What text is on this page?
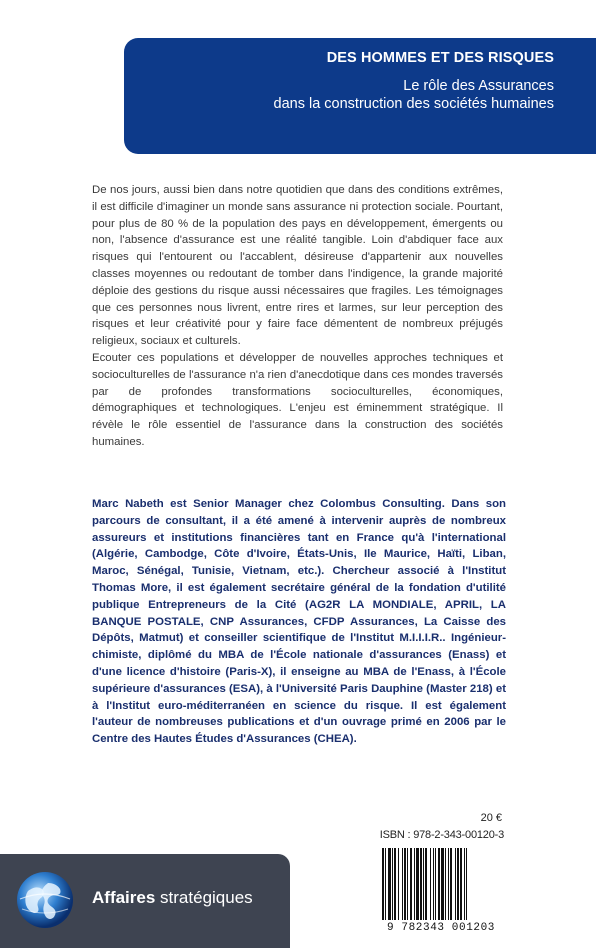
DES HOMMES ET DES RISQUES
Le rôle des Assurances
dans la construction des sociétés humaines

De nos jours, aussi bien dans notre quotidien que dans des conditions extrêmes, il est difficile d'imaginer un monde sans assurance ni protection sociale. Pourtant, pour plus de 80 % de la population des pays en développement, émergents ou non, l'absence d'assurance est une réalité tangible. Loin d'abdiquer face aux risques qui l'entourent ou l'accablent, désireuse d'appartenir aux nouvelles classes moyennes ou redoutant de tomber dans l'indigence, la grande majorité déploie des gestions du risque aussi nécessaires que fragiles. Les témoignages que ces personnes nous livrent, entre rires et larmes, sur leur perception des risques et leur créativité pour y faire face démentent de nombreux préjugés religieux, sociaux et culturels.

Ecouter ces populations et développer de nouvelles approches techniques et socioculturelles de l'assurance n'a rien d'anecdotique dans ces mondes traversés par de profondes transformations socioculturelles, économiques, démographiques et technologiques. L'enjeu est éminemment stratégique. Il révèle le rôle essentiel de l'assurance dans la construction des sociétés humaines.

Marc Nabeth est Senior Manager chez Colombus Consulting. Dans son parcours de consultant, il a été amené à intervenir auprès de nombreux assureurs et institutions financières tant en France qu'à l'international (Algérie, Cambodge, Côte d'Ivoire, États-Unis, Ile Maurice, Haïti, Liban, Maroc, Sénégal, Tunisie, Vietnam, etc.). Chercheur associé à l'Institut Thomas More, il est également secrétaire général de la fondation d'utilité publique Entrepreneurs de la Cité (AG2R LA MONDIALE, APRIL, LA BANQUE POSTALE, CNP Assurances, CFDP Assurances, La Caisse des Dépôts, Matmut) et conseiller scientifique de l'Institut M.I.I.I.R.. Ingénieur-chimiste, diplômé du MBA de l'École nationale d'assurances (Enass) et d'une licence d'histoire (Paris-X), il enseigne au MBA de l'Enass, à l'École supérieure d'assurances (ESA), à l'Université Paris Dauphine (Master 218) et à l'Institut euro-méditerranéen en science du risque. Il est également l'auteur de nombreuses publications et d'un ouvrage primé en 2006 par le Centre des Hautes Études d'Assurances (CHEA).
20 €
ISBN : 978-2-343-00120-3
9 782343 001203
Affaires stratégiques
